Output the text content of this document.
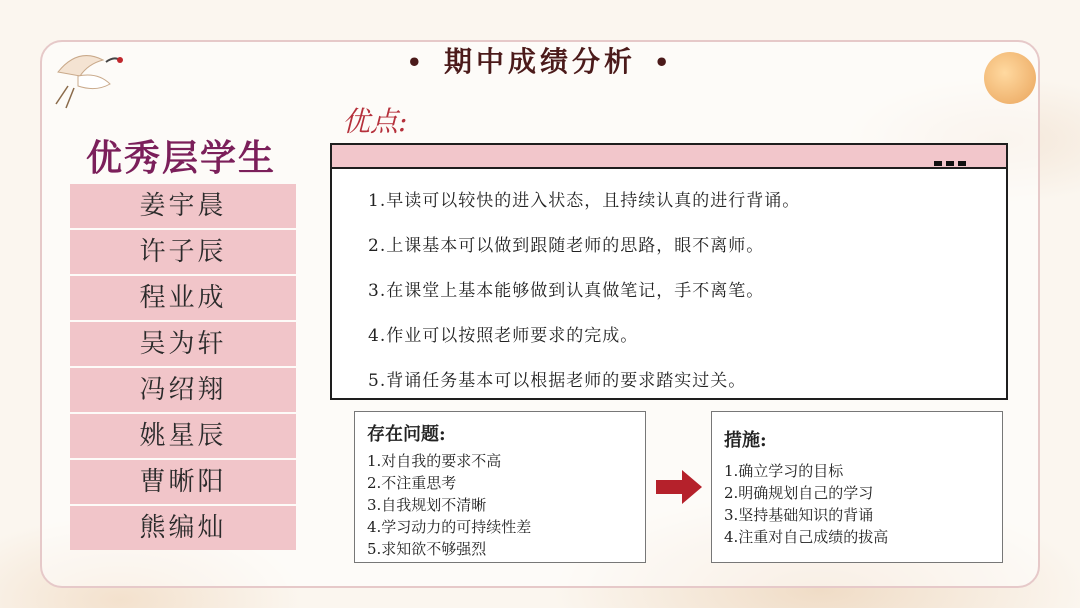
• 期中成绩分析 •
优秀层学生
姜宇晨
许子辰
程业成
吴为轩
冯绍翔
姚星辰
曹晰阳
熊编灿
优点:
1.早读可以较快的进入状态，且持续认真的进行背诵。
2.上课基本可以做到跟随老师的思路，眼不离师。
3.在课堂上基本能够做到认真做笔记，手不离笔。
4.作业可以按照老师要求的完成。
5.背诵任务基本可以根据老师的要求踏实过关。
存在问题:
1.对自我的要求不高
2.不注重思考
3.自我规划不清晰
4.学习动力的可持续性差
5.求知欲不够强烈
措施:
1.确立学习的目标
2.明确规划自己的学习
3.坚持基础知识的背诵
4.注重对自己成绩的拔高
